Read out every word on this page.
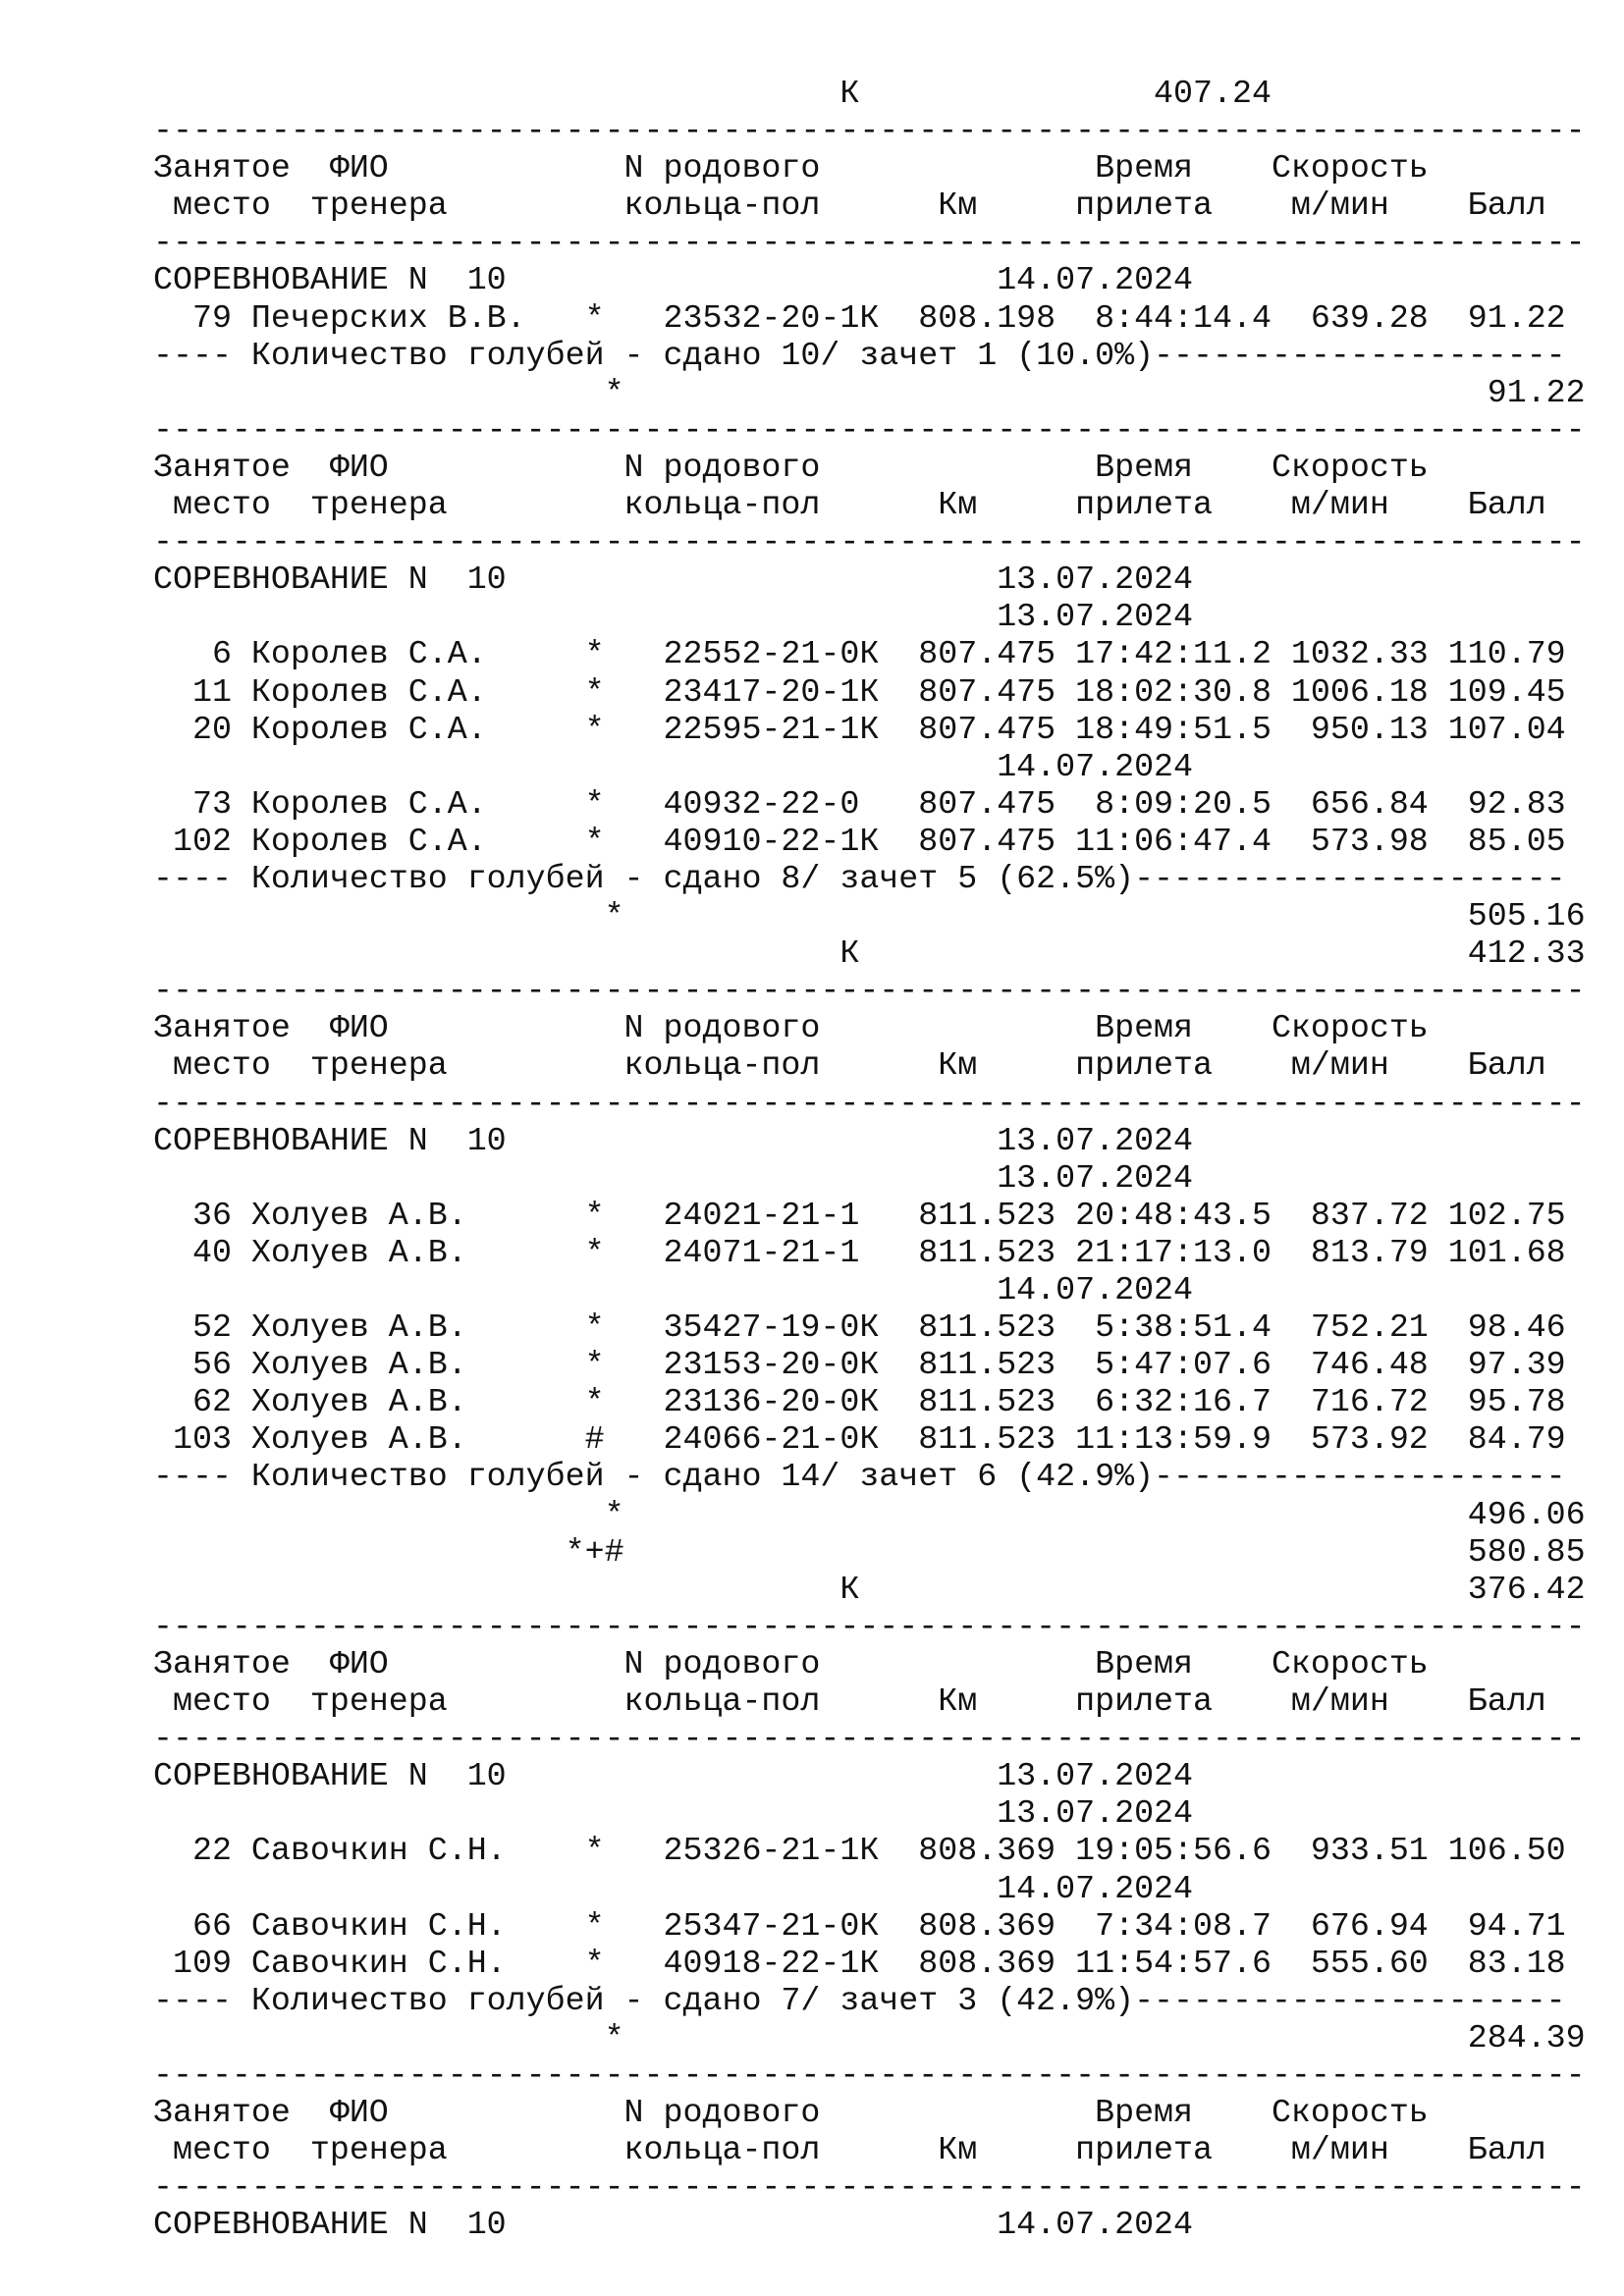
К               407.24
-------------------------------------------------------------------------
Занятое  ФИО            N родового              Время    Скорость
место  тренера         кольца-пол      Км     прилета    м/мин    Балл
-------------------------------------------------------------------------
СОРЕВНОВАНИЕ N  10                         14.07.2024
79 Печерских В.В.   *   23532-20-1К  808.198  8:44:14.4  639.28  91.22
---- Количество голубей - сдано 10/ зачет 1 (10.0%)---------------------
*                                            91.22
-------------------------------------------------------------------------
Занятое  ФИО            N родового              Время    Скорость
место  тренера         кольца-пол      Км     прилета    м/мин    Балл
-------------------------------------------------------------------------
СОРЕВНОВАНИЕ N  10                         13.07.2024
13.07.2024
6 Королев С.А.     *   22552-21-0К  807.475 17:42:11.2 1032.33 110.79
11 Королев С.А.     *   23417-20-1К  807.475 18:02:30.8 1006.18 109.45
20 Королев С.А.     *   22595-21-1К  807.475 18:49:51.5  950.13 107.04
14.07.2024
73 Королев С.А.     *   40932-22-0   807.475  8:09:20.5  656.84  92.83
102 Королев С.А.     *   40910-22-1К  807.475 11:06:47.4  573.98  85.05
---- Количество голубей - сдано 8/ зачет 5 (62.5%)----------------------
*                                           505.16
К                               412.33
-------------------------------------------------------------------------
Занятое  ФИО            N родового              Время    Скорость
место  тренера         кольца-пол      Км     прилета    м/мин    Балл
-------------------------------------------------------------------------
СОРЕВНОВАНИЕ N  10                         13.07.2024
13.07.2024
36 Холуев А.В.      *   24021-21-1   811.523 20:48:43.5  837.72 102.75
40 Холуев А.В.      *   24071-21-1   811.523 21:17:13.0  813.79 101.68
14.07.2024
52 Холуев А.В.      *   35427-19-0К  811.523  5:38:51.4  752.21  98.46
56 Холуев А.В.      *   23153-20-0К  811.523  5:47:07.6  746.48  97.39
62 Холуев А.В.      *   23136-20-0К  811.523  6:32:16.7  716.72  95.78
103 Холуев А.В.      #   24066-21-0К  811.523 11:13:59.9  573.92  84.79
---- Количество голубей - сдано 14/ зачет 6 (42.9%)---------------------
*                                           496.06
*+#                                           580.85
К                               376.42
-------------------------------------------------------------------------
Занятое  ФИО            N родового              Время    Скорость
место  тренера         кольца-пол      Км     прилета    м/мин    Балл
-------------------------------------------------------------------------
СОРЕВНОВАНИЕ N  10                         13.07.2024
13.07.2024
22 Савочкин С.Н.    *   25326-21-1К  808.369 19:05:56.6  933.51 106.50
14.07.2024
66 Савочкин С.Н.    *   25347-21-0К  808.369  7:34:08.7  676.94  94.71
109 Савочкин С.Н.    *   40918-22-1К  808.369 11:54:57.6  555.60  83.18
---- Количество голубей - сдано 7/ зачет 3 (42.9%)----------------------
*                                           284.39
-------------------------------------------------------------------------
Занятое  ФИО            N родового              Время    Скорость
место  тренера         кольца-пол      Км     прилета    м/мин    Балл
-------------------------------------------------------------------------
СОРЕВНОВАНИЕ N  10                         14.07.2024
